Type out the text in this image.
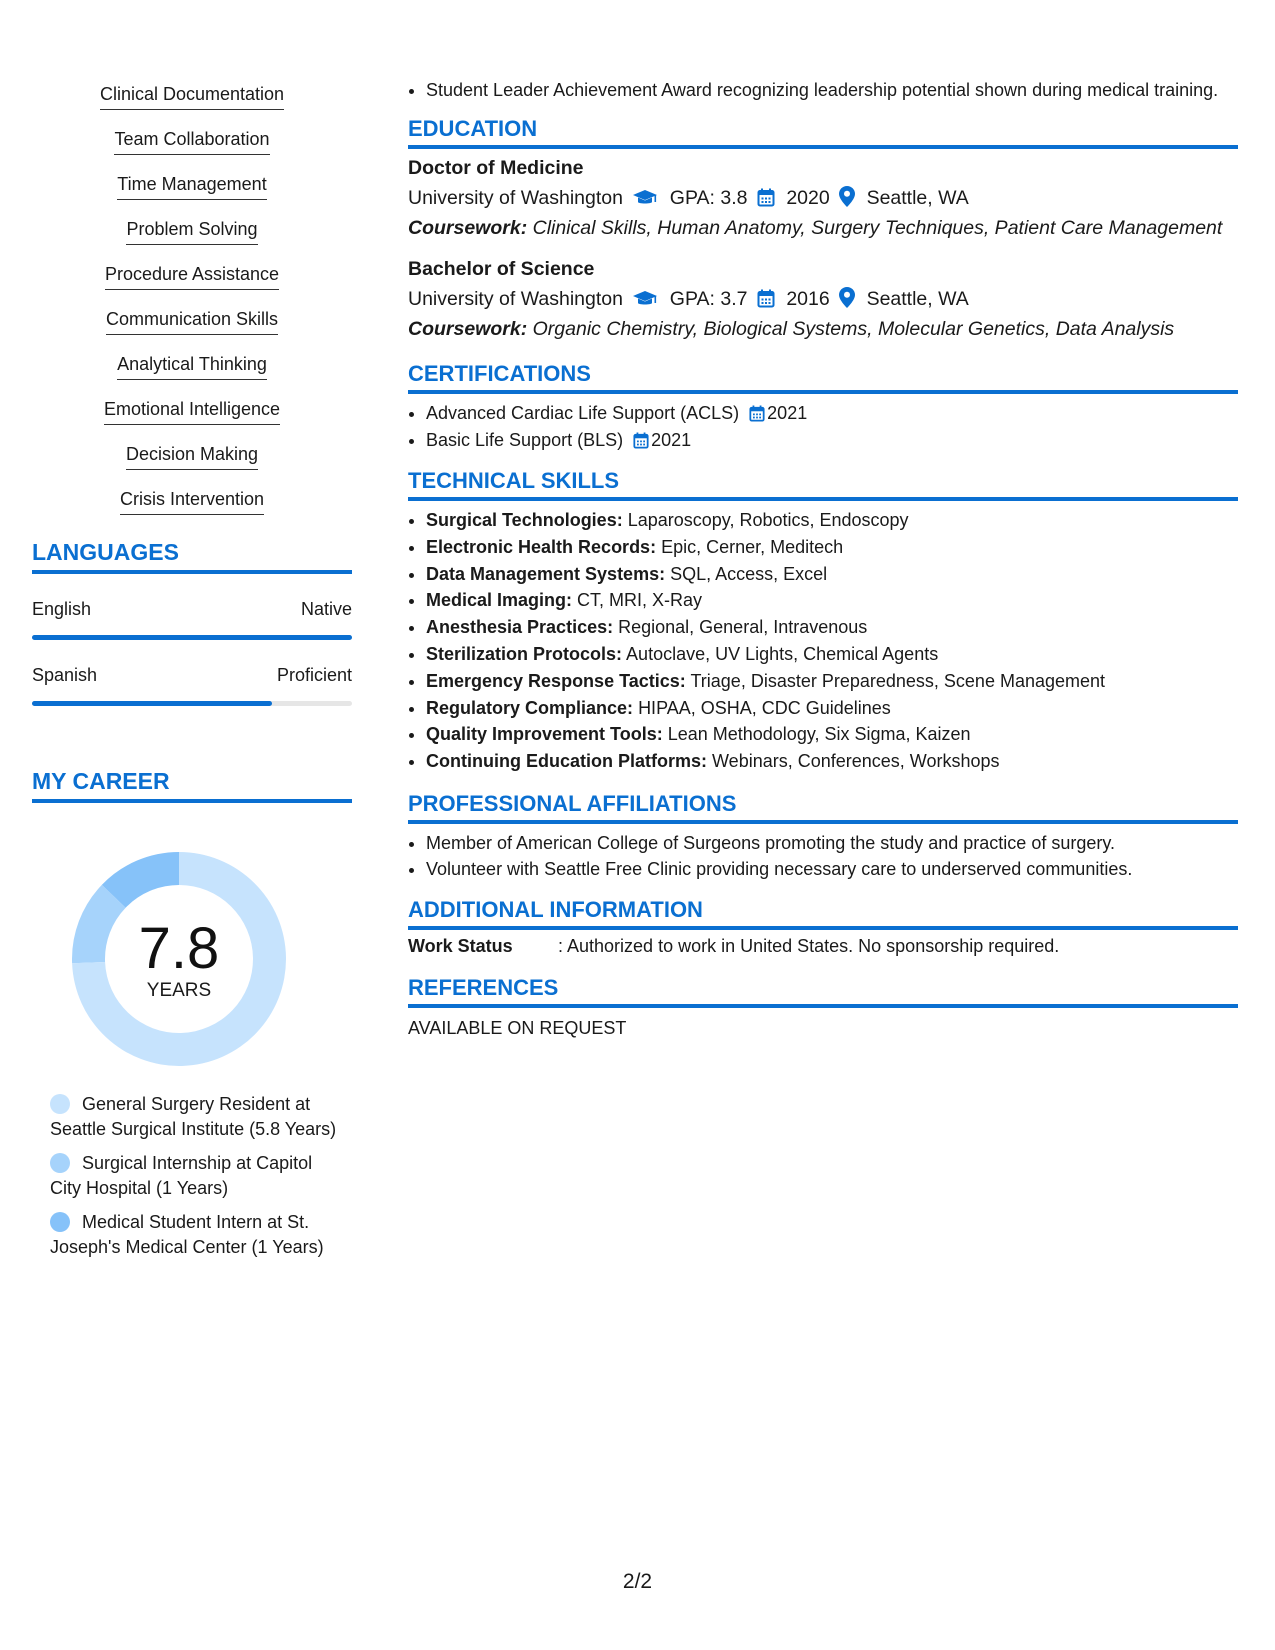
Clinical Documentation
Team Collaboration
Time Management
Problem Solving
Procedure Assistance
Communication Skills
Analytical Thinking
Emotional Intelligence
Decision Making
Crisis Intervention
LANGUAGES
English	Native
Spanish	Proficient
MY CAREER
7.8
YEARS
General Surgery Resident at Seattle Surgical Institute (5.8 Years)
Surgical Internship at Capitol City Hospital (1 Years)
Medical Student Intern at St. Joseph's Medical Center (1 Years)
• Student Leader Achievement Award recognizing leadership potential shown during medical training.
EDUCATION
Doctor of Medicine
University of Washington GPA: 3.8 2020 Seattle, WA
Coursework: Clinical Skills, Human Anatomy, Surgery Techniques, Patient Care Management
Bachelor of Science
University of Washington GPA: 3.7 2016 Seattle, WA
Coursework: Organic Chemistry, Biological Systems, Molecular Genetics, Data Analysis
CERTIFICATIONS
• Advanced Cardiac Life Support (ACLS) 2021
• Basic Life Support (BLS) 2021
TECHNICAL SKILLS
• Surgical Technologies: Laparoscopy, Robotics, Endoscopy
• Electronic Health Records: Epic, Cerner, Meditech
• Data Management Systems: SQL, Access, Excel
• Medical Imaging: CT, MRI, X-Ray
• Anesthesia Practices: Regional, General, Intravenous
• Sterilization Protocols: Autoclave, UV Lights, Chemical Agents
• Emergency Response Tactics: Triage, Disaster Preparedness, Scene Management
• Regulatory Compliance: HIPAA, OSHA, CDC Guidelines
• Quality Improvement Tools: Lean Methodology, Six Sigma, Kaizen
• Continuing Education Platforms: Webinars, Conferences, Workshops
PROFESSIONAL AFFILIATIONS
• Member of American College of Surgeons promoting the study and practice of surgery.
• Volunteer with Seattle Free Clinic providing necessary care to underserved communities.
ADDITIONAL INFORMATION
Work Status	: Authorized to work in United States. No sponsorship required.
REFERENCES
AVAILABLE ON REQUEST
2/2
